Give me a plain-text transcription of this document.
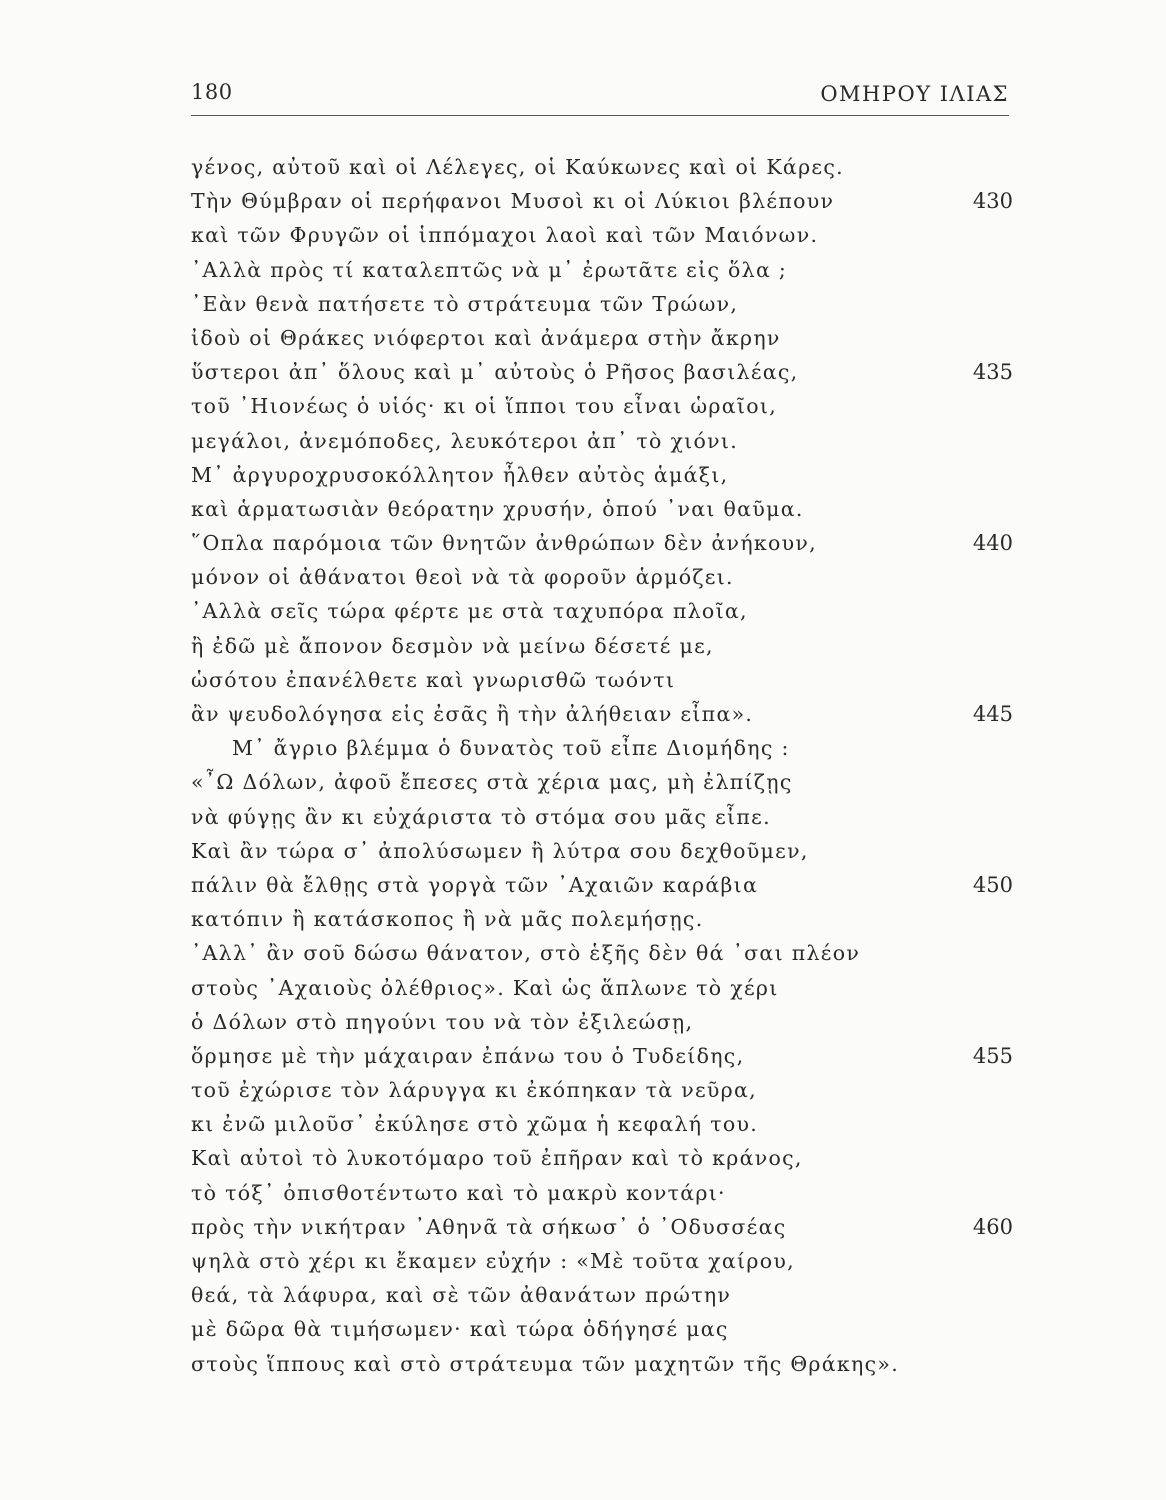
180	ΟΜΗΡΟΥ ΙΛΙΑΣ
γένος, αὐτοῦ καὶ οἱ Λέλεγες, οἱ Καύκωνες καὶ οἱ Κάρες.
Τὴν Θύμβραν οἱ περήφανοι Μυσοὶ κι οἱ Λύκιοι βλέπουν	430
καὶ τῶν Φρυγῶν οἱ ἱππόμαχοι λαοὶ καὶ τῶν Μαιόνων.
᾿Αλλὰ πρὸς τί καταλεπτῶς νὰ μ᾿ ἐρωτᾶτε εἰς ὅλα ;
᾿Εὰν θενὰ πατήσετε τὸ στράτευμα τῶν Τρώων,
ἰδοὺ οἱ Θράκες νιόφερτοι καὶ ἀνάμερα στὴν ἄκρην
ὕστεροι ἀπ᾿ ὅλους καὶ μ᾿ αὐτοὺς ὁ Ρῆσος βασιλέας,	435
τοῦ ᾿Ηιονέως ὁ υἱός· κι οἱ ἵπποι του εἶναι ὡραῖοι,
μεγάλοι, ἀνεμόποδες, λευκότεροι ἀπ᾿ τὸ χιόνι.
Μ᾿ ἀργυροχρυσοκόλλητον ἦλθεν αὐτὸς ἁμάξι,
καὶ ἁρματωσιὰν θεόρατην χρυσήν, ὁπού ᾿ναι θαῦμα.
῞Οπλα παρόμοια τῶν θνητῶν ἀνθρώπων δὲν ἀνήκουν,	440
μόνον οἱ ἀθάνατοι θεοὶ νὰ τὰ φοροῦν ἁρμόζει.
᾿Αλλὰ σεῖς τώρα φέρτε με στὰ ταχυπόρα πλοῖα,
ἢ ἐδῶ μὲ ἄπονον δεσμὸν νὰ μείνω δέσετέ με,
ὡσότου ἐπανέλθετε καὶ γνωρισθῶ τωόντι
ἂν ψευδολόγησα εἰς ἐσᾶς ἢ τὴν ἀλήθειαν εἶπα».	445
Μ᾿ ἄγριο βλέμμα ὁ δυνατὸς τοῦ εἶπε Διομήδης :
«῏Ω Δόλων, ἀφοῦ ἔπεσες στὰ χέρια μας, μὴ ἐλπίζῃς
νὰ φύγῃς ἂν κι εὐχάριστα τὸ στόμα σου μᾶς εἶπε.
Καὶ ἂν τώρα σ᾿ ἀπολύσωμεν ἢ λύτρα σου δεχθοῦμεν,
πάλιν θὰ ἔλθῃς στὰ γοργὰ τῶν ᾿Αχαιῶν καράβια	450
κατόπιν ἢ κατάσκοπος ἢ νὰ μᾶς πολεμήσῃς.
᾿Αλλ᾿ ἂν σοῦ δώσω θάνατον, στὸ ἑξῆς δὲν θά ᾿σαι πλέον
στοὺς ᾿Αχαιοὺς ὀλέθριος». Καὶ ὡς ἅπλωνε τὸ χέρι
ὁ Δόλων στὸ πηγούνι του νὰ τὸν ἐξιλεώσῃ,
ὅρμησε μὲ τὴν μάχαιραν ἐπάνω του ὁ Τυδείδης,	455
τοῦ ἐχώρισε τὸν λάρυγγα κι ἐκόπηκαν τὰ νεῦρα,
κι ἐνῶ μιλοῦσ᾿ ἐκύλησε στὸ χῶμα ἡ κεφαλή του.
Καὶ αὐτοὶ τὸ λυκοτόμαρο τοῦ ἐπῆραν καὶ τὸ κράνος,
τὸ τόξ᾿ ὀπισθοτέντωτο καὶ τὸ μακρὺ κοντάρι·
πρὸς τὴν νικήτραν ᾿Αθηνᾶ τὰ σήκωσ᾿ ὁ ᾿Οδυσσέας	460
ψηλὰ στὸ χέρι κι ἔκαμεν εὐχήν : «Μὲ τοῦτα χαίρου,
θεά, τὰ λάφυρα, καὶ σὲ τῶν ἀθανάτων πρώτην
μὲ δῶρα θὰ τιμήσωμεν· καὶ τώρα ὁδήγησέ μας
στοὺς ἵππους καὶ στὸ στράτευμα τῶν μαχητῶν τῆς Θράκης».
